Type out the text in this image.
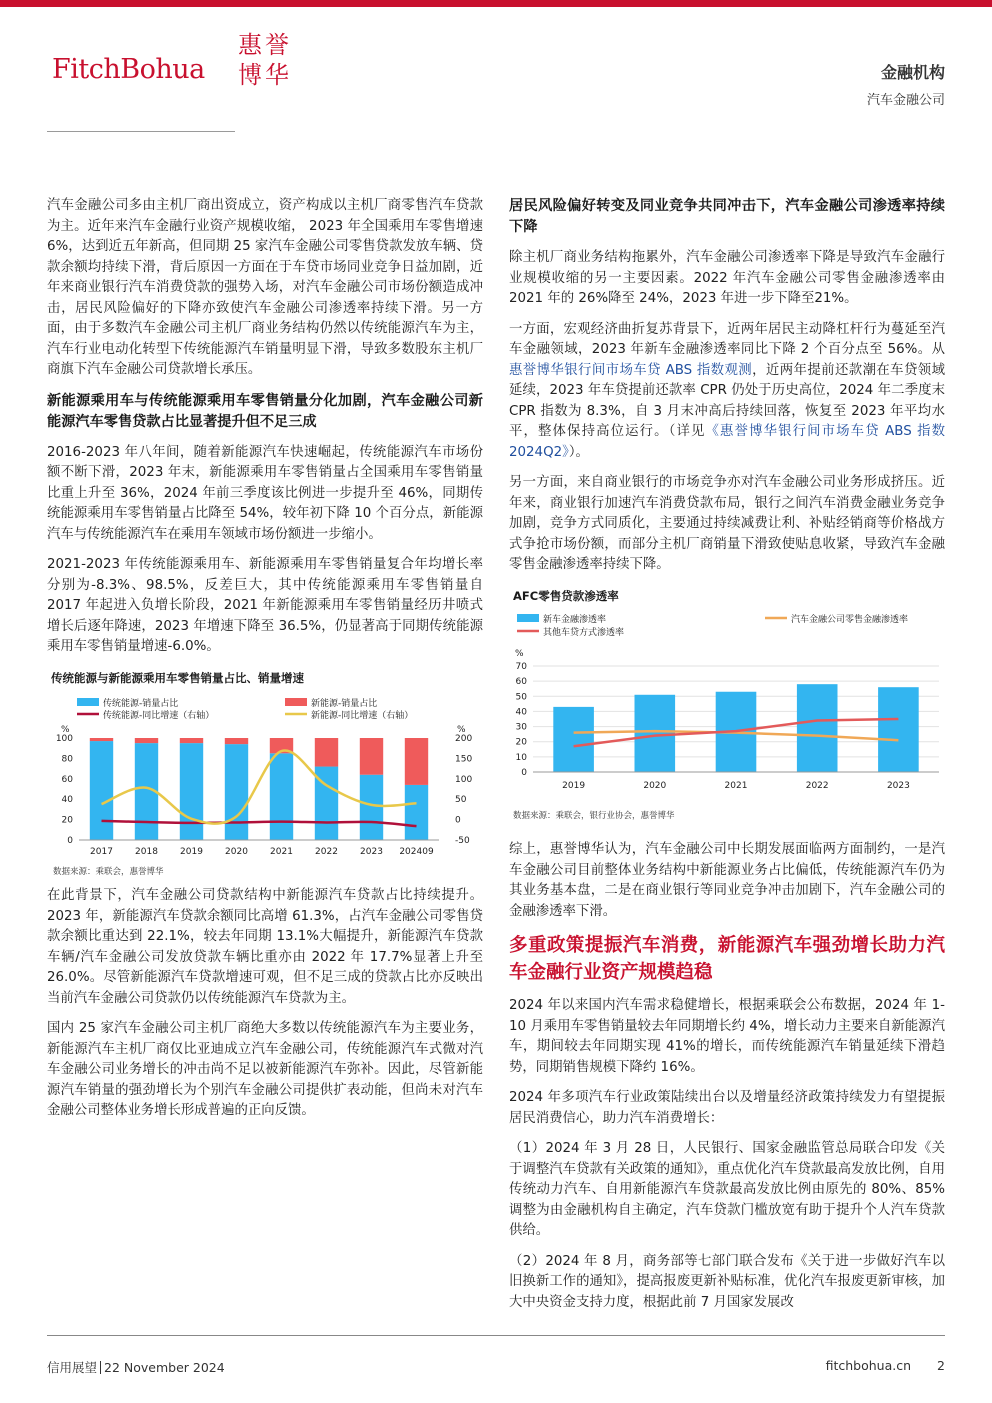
FitchBohua
惠誉博华	金融机构
汽车金融公司
汽车金融公司多由主机厂商出资成立，资产构成以主机厂商零售汽车贷款为主。近年来汽车金融行业资产规模收缩， 2023 年全国乘用车零售增速 6%，达到近五年新高，但同期 25 家汽车金融公司零售贷款发放车辆、贷款余额均持续下滑，背后原因一方面在于车贷市场同业竞争日益加剧，近年来商业银行汽车消费贷款的强势入场，对汽车金融公司市场份额造成冲击，居民风险偏好的下降亦致使汽车金融公司渗透率持续下滑。另一方面，由于多数汽车金融公司主机厂商业务结构仍然以传统能源汽车为主，汽车行业电动化转型下传统能源汽车销量明显下滑，导致多数股东主机厂商旗下汽车金融公司贷款增长承压。
新能源乘用车与传统能源乘用车零售销量分化加剧，汽车金融公司新能源汽车零售贷款占比显著提升但不足三成
2016-2023 年八年间，随着新能源汽车快速崛起，传统能源汽车市场份额不断下滑，2023 年末，新能源乘用车零售销量占全国乘用车零售销量比重上升至 36%，2024 年前三季度该比例进一步提升至 46%，同期传统能源乘用车零售销量占比降至 54%，较年初下降 10 个百分点，新能源汽车与传统能源汽车在乘用车领域市场份额进一步缩小。
2021-2023 年传统能源乘用车、新能源乘用车零售销量复合年均增长率分别为-8.3%、98.5%，反差巨大，其中传统能源乘用车零售销量自 2017 年起进入负增长阶段，2021 年新能源乘用车零售销量经历井喷式增长后逐年降速，2023 年增速下降至 36.5%，仍显著高于同期传统能源乘用车零售销量增速-6.0%。
传统能源与新能源乘用车零售销量占比、销量增速
传统能源-销量占比	新能源-销量占比
传统能源-同比增速（右轴）	新能源-同比增速（右轴）
%	%
0
20
40
60
80
100
-50
0
50
100
150
200
2017 2018 2019 2020 2021 2022 2023 202409
数据来源：乘联会，惠誉博华
在此背景下，汽车金融公司贷款结构中新能源汽车贷款占比持续提升。2023 年，新能源汽车贷款余额同比高增 61.3%，占汽车金融公司零售贷款余额比重达到 22.1%，较去年同期 13.1%大幅提升，新能源汽车贷款车辆/汽车金融公司发放贷款车辆比重亦由 2022 年 17.7%显著上升至 26.0%。尽管新能源汽车贷款增速可观，但不足三成的贷款占比亦反映出当前汽车金融公司贷款仍以传统能源汽车贷款为主。
国内 25 家汽车金融公司主机厂商绝大多数以传统能源汽车为主要业务，新能源汽车主机厂商仅比亚迪成立汽车金融公司，传统能源汽车式微对汽车金融公司业务增长的冲击尚不足以被新能源汽车弥补。因此，尽管新能源汽车销量的强劲增长为个别汽车金融公司提供扩表动能，但尚未对汽车金融公司整体业务增长形成普遍的正向反馈。
居民风险偏好转变及同业竞争共同冲击下，汽车金融公司渗透率持续下降
除主机厂商业务结构拖累外，汽车金融公司渗透率下降是导致汽车金融行业规模收缩的另一主要因素。2022 年汽车金融公司零售金融渗透率由 2021 年的 26%降至 24%，2023 年进一步下降至21%。
一方面，宏观经济曲折复苏背景下，近两年居民主动降杠杆行为蔓延至汽车金融领域，2023 年新车金融渗透率同比下降 2 个百分点至 56%。从惠誉博华银行间市场车贷 ABS 指数观测，近两年提前还款潮在车贷领域延续，2023 年车贷提前还款率 CPR 仍处于历史高位，2024 年二季度末 CPR 指数为 8.3%，自 3 月末冲高后持续回落，恢复至 2023 年平均水平，整体保持高位运行。（详见《惠誉博华银行间市场车贷 ABS 指数 2024Q2》）。
另一方面，来自商业银行的市场竞争亦对汽车金融公司业务形成挤压。近年来，商业银行加速汽车消费贷款布局，银行之间汽车消费金融业务竞争加剧，竞争方式同质化，主要通过持续减费让利、补贴经销商等价格战方式争抢市场份额，而部分主机厂商销量下滑致使贴息收紧，导致汽车金融零售金融渗透率持续下降。
AFC零售贷款渗透率
新车金融渗透率	汽车金融公司零售金融渗透率
其他车贷方式渗透率
%
0
10
20
30
40
50
60
70
2019	2020	2021	2022	2023
数据来源：乘联会，银行业协会，惠誉博华
综上，惠誉博华认为，汽车金融公司中长期发展面临两方面制约，一是汽车金融公司目前整体业务结构中新能源业务占比偏低，传统能源汽车仍为其业务基本盘，二是在商业银行等同业竞争冲击加剧下，汽车金融公司的金融渗透率下滑。
多重政策提振汽车消费，新能源汽车强劲增长助力汽车金融行业资产规模趋稳
2024 年以来国内汽车需求稳健增长，根据乘联会公布数据，2024 年 1-10 月乘用车零售销量较去年同期增长约 4%，增长动力主要来自新能源汽车，期间较去年同期实现 41%的增长，而传统能源汽车销量延续下滑趋势，同期销售规模下降约 16%。
2024 年多项汽车行业政策陆续出台以及增量经济政策持续发力有望提振居民消费信心，助力汽车消费增长：
（1）2024 年 3 月 28 日，人民银行、国家金融监管总局联合印发《关于调整汽车贷款有关政策的通知》，重点优化汽车贷款最高发放比例，自用传统动力汽车、自用新能源汽车贷款最高发放比例由原先的 80%、85%调整为由金融机构自主确定，汽车贷款门槛放宽有助于提升个人汽车贷款供给。
（2）2024 年 8 月，商务部等七部门联合发布《关于进一步做好汽车以旧换新工作的通知》，提高报废更新补贴标准，优化汽车报废更新审核，加大中央资金支持力度，根据此前 7 月国家发展改
信用展望 22 November 2024	fitchbohua.cn 2
